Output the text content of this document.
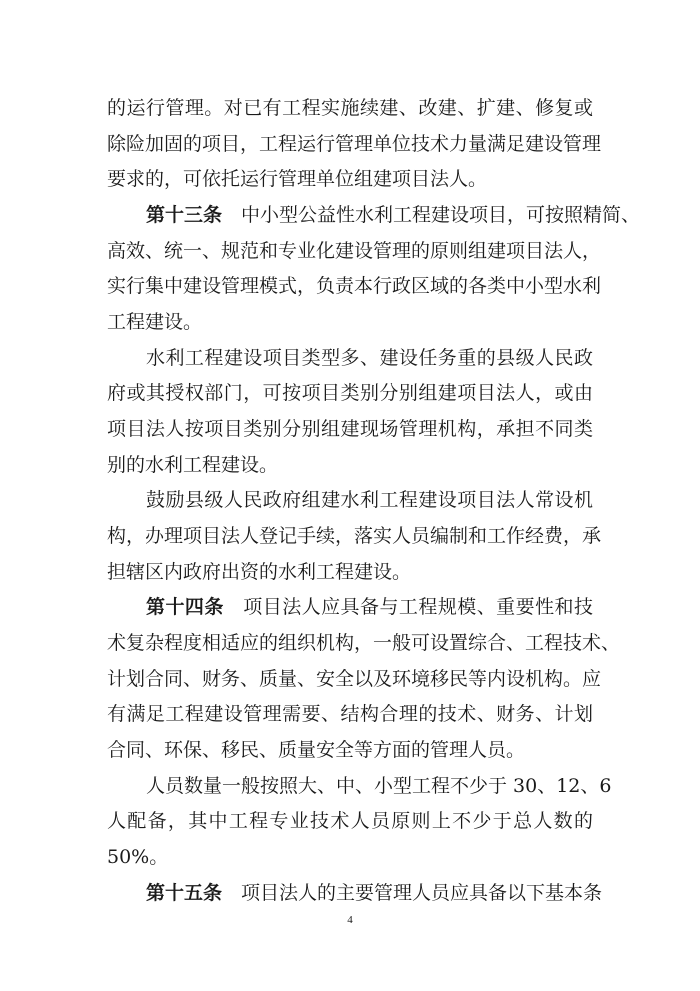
的运行管理。对已有工程实施续建、改建、扩建、修复或
除险加固的项目，工程运行管理单位技术力量满足建设管理
要求的，可依托运行管理单位组建项目法人。
第十三条 中小型公益性水利工程建设项目，可按照精简、
高效、统一、规范和专业化建设管理的原则组建项目法人，
实行集中建设管理模式，负责本行政区域的各类中小型水利
工程建设。
水利工程建设项目类型多、建设任务重的县级人民政
府或其授权部门，可按项目类别分别组建项目法人，或由
项目法人按项目类别分别组建现场管理机构，承担不同类
别的水利工程建设。
鼓励县级人民政府组建水利工程建设项目法人常设机
构，办理项目法人登记手续，落实人员编制和工作经费，承
担辖区内政府出资的水利工程建设。
第十四条 项目法人应具备与工程规模、重要性和技
术复杂程度相适应的组织机构，一般可设置综合、工程技术、
计划合同、财务、质量、安全以及环境移民等内设机构。应
有满足工程建设管理需要、结构合理的技术、财务、计划
合同、环保、移民、质量安全等方面的管理人员。
人员数量一般按照大、中、小型工程不少于 30、12、6
人配备，其中工程专业技术人员原则上不少于总人数的
50%。
第十五条 项目法人的主要管理人员应具备以下基本条
4
